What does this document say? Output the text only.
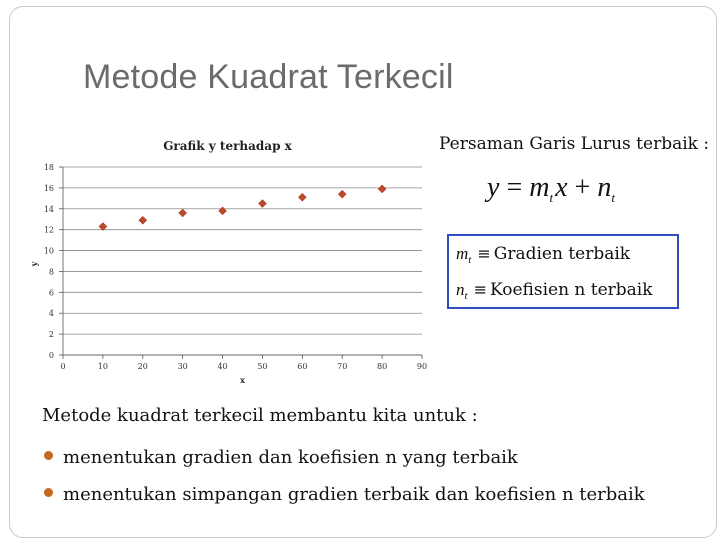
Metode Kuadrat Terkecil
Grafik y terhadap x
0
2
4
6
8
10
12
14
16
18
0	10	20	30	40	50	60	70	80	90
x
y
Persaman Garis Lurus terbaik :
$y = m_tx + n_t$
$m_t$ ≡ Gradien terbaik
$n_t$ ≡ Koefisien n terbaik
Metode kuadrat terkecil membantu kita untuk :
menentukan gradien dan koefisien n yang terbaik
menentukan simpangan gradien terbaik dan koefisien n terbaik
